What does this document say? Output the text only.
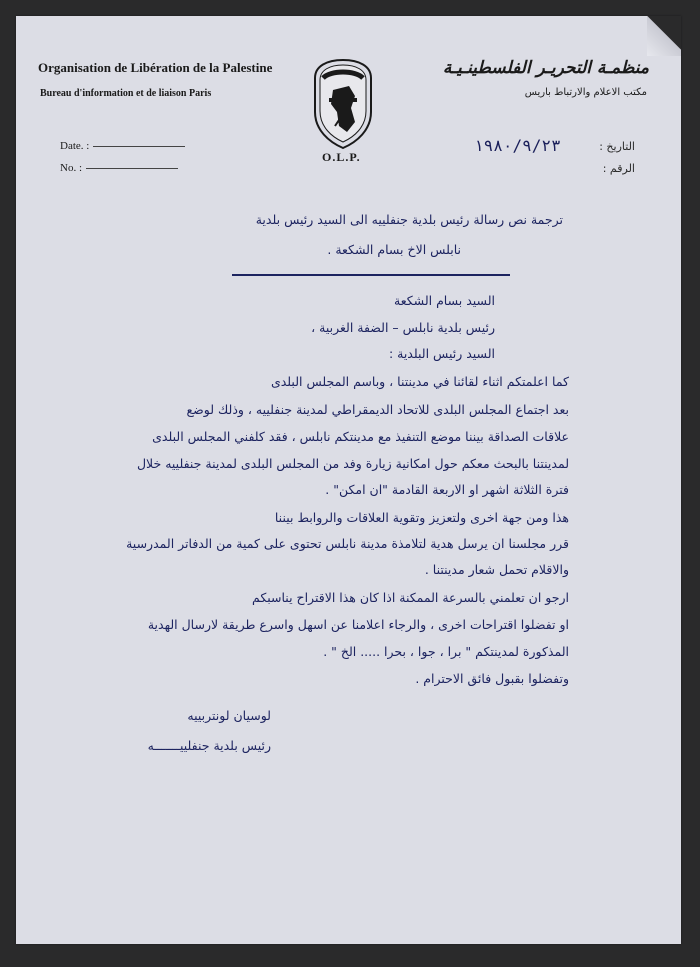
Organisation de Libération de la Palestine
Bureau d'information et de liaison Paris
منظمـة التحريـر الفلسطينـيـة
مكتب الاعلام والارتباط باريس
O.L.P.
Date. :
No. :
التاريخ :
الرقم :
١٩٨٠/٩/٢٣
ترجمة نص رسالة رئيس بلدية جنفلييه الى السيد رئيس بلدية
نابلس الاخ بسام الشكعة .
السيد بسام الشكعة
رئيس بلدية نابلس – الضفة الغربية ،
السيد رئيس البلدية :
كما اعلمتكم اثناء لقائنا في مدينتنا ، وباسم المجلس البلدى
بعد اجتماع المجلس البلدى للاتحاد الديمقراطي لمدينة جنفلييه ، وذلك لوضع
علاقات الصداقة بيننا موضع التنفيذ مع مدينتكم نابلس ، فقد كلفني المجلس البلدى
لمدينتنا بالبحث معكم حول امكانية زيارة وفد من المجلس البلدى لمدينة جنفلييه خلال
فترة الثلاثة اشهر او الاربعة القادمة "ان امكن" .
هذا ومن جهة اخرى ولتعزيز وتقوية العلاقات والروابط بيننا
قرر مجلسنا ان يرسل هدية لتلامذة مدينة نابلس تحتوى على كمية من الدفاتر المدرسية
والاقلام تحمل شعار مدينتنا .
ارجو ان تعلمني بالسرعة الممكنة اذا كان هذا الاقتراح يناسبكم
او تفضلوا اقتراحات اخرى ، والرجاء اعلامنا عن اسهل واسرع طريقة لارسال الهدية
المذكورة لمدينتكم " برا ، جوا ، بحرا ..... الخ " .
وتفضلوا بقبول فائق الاحترام .
لوسيان لونتربييه
رئيس بلدية جنفلييـــــــه
